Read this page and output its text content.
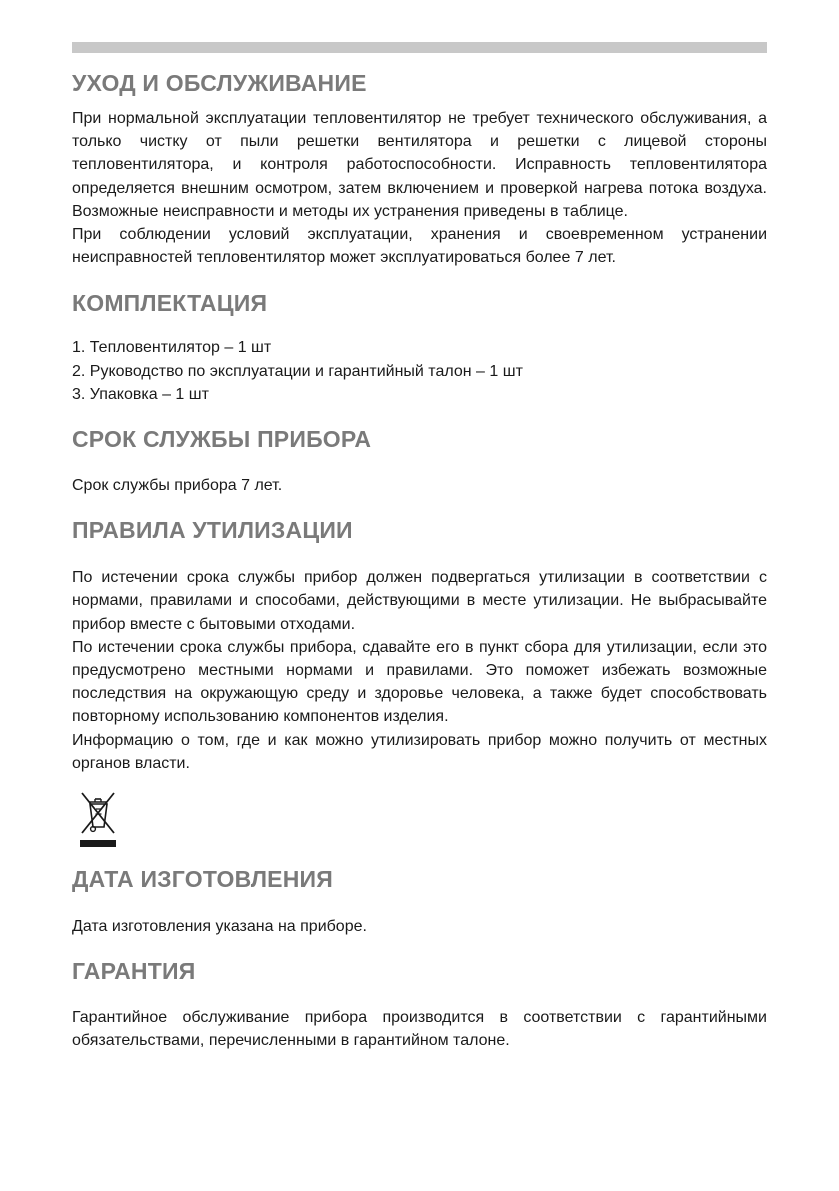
УХОД И ОБСЛУЖИВАНИЕ

При нормальной эксплуатации тепловентилятор не требует технического обслуживания, а только чистку от пыли решетки вентилятора и решетки с лицевой стороны тепловентилятора, и контроля работоспособности. Исправность тепловентилятора определяется внешним осмотром, затем включением и проверкой нагрева потока воздуха. Возможные неисправности и методы их устранения приведены в таблице.

При соблюдении условий эксплуатации, хранения и своевременном устранении неисправностей тепловентилятор может эксплуатироваться более 7 лет.

КОМПЛЕКТАЦИЯ
1. Тепловентилятор – 1 шт
2. Руководство по эксплуатации и гарантийный талон – 1 шт
3. Упаковка – 1 шт
СРОК СЛУЖБЫ ПРИБОРА

Срок службы прибора 7 лет.

ПРАВИЛА УТИЛИЗАЦИИ

По истечении срока службы прибор должен подвергаться утилизации в соответствии с нормами, правилами и способами, действующими в месте утилизации. Не выбрасывайте прибор вместе с бытовыми отходами.

По истечении срока службы прибора, сдавайте его в пункт сбора для утилизации, если это предусмотрено местными нормами и правилами. Это поможет избежать возможные последствия на окружающую среду и здоровье человека, а также будет способствовать повторному использованию компонентов изделия.

Информацию о том, где и как можно утилизировать прибор можно получить от местных органов власти.

ДАТА ИЗГОТОВЛЕНИЯ

Дата изготовления указана на приборе.

ГАРАНТИЯ

Гарантийное обслуживание прибора производится в соответствии с гарантийными обязательствами, перечисленными в гарантийном талоне.
